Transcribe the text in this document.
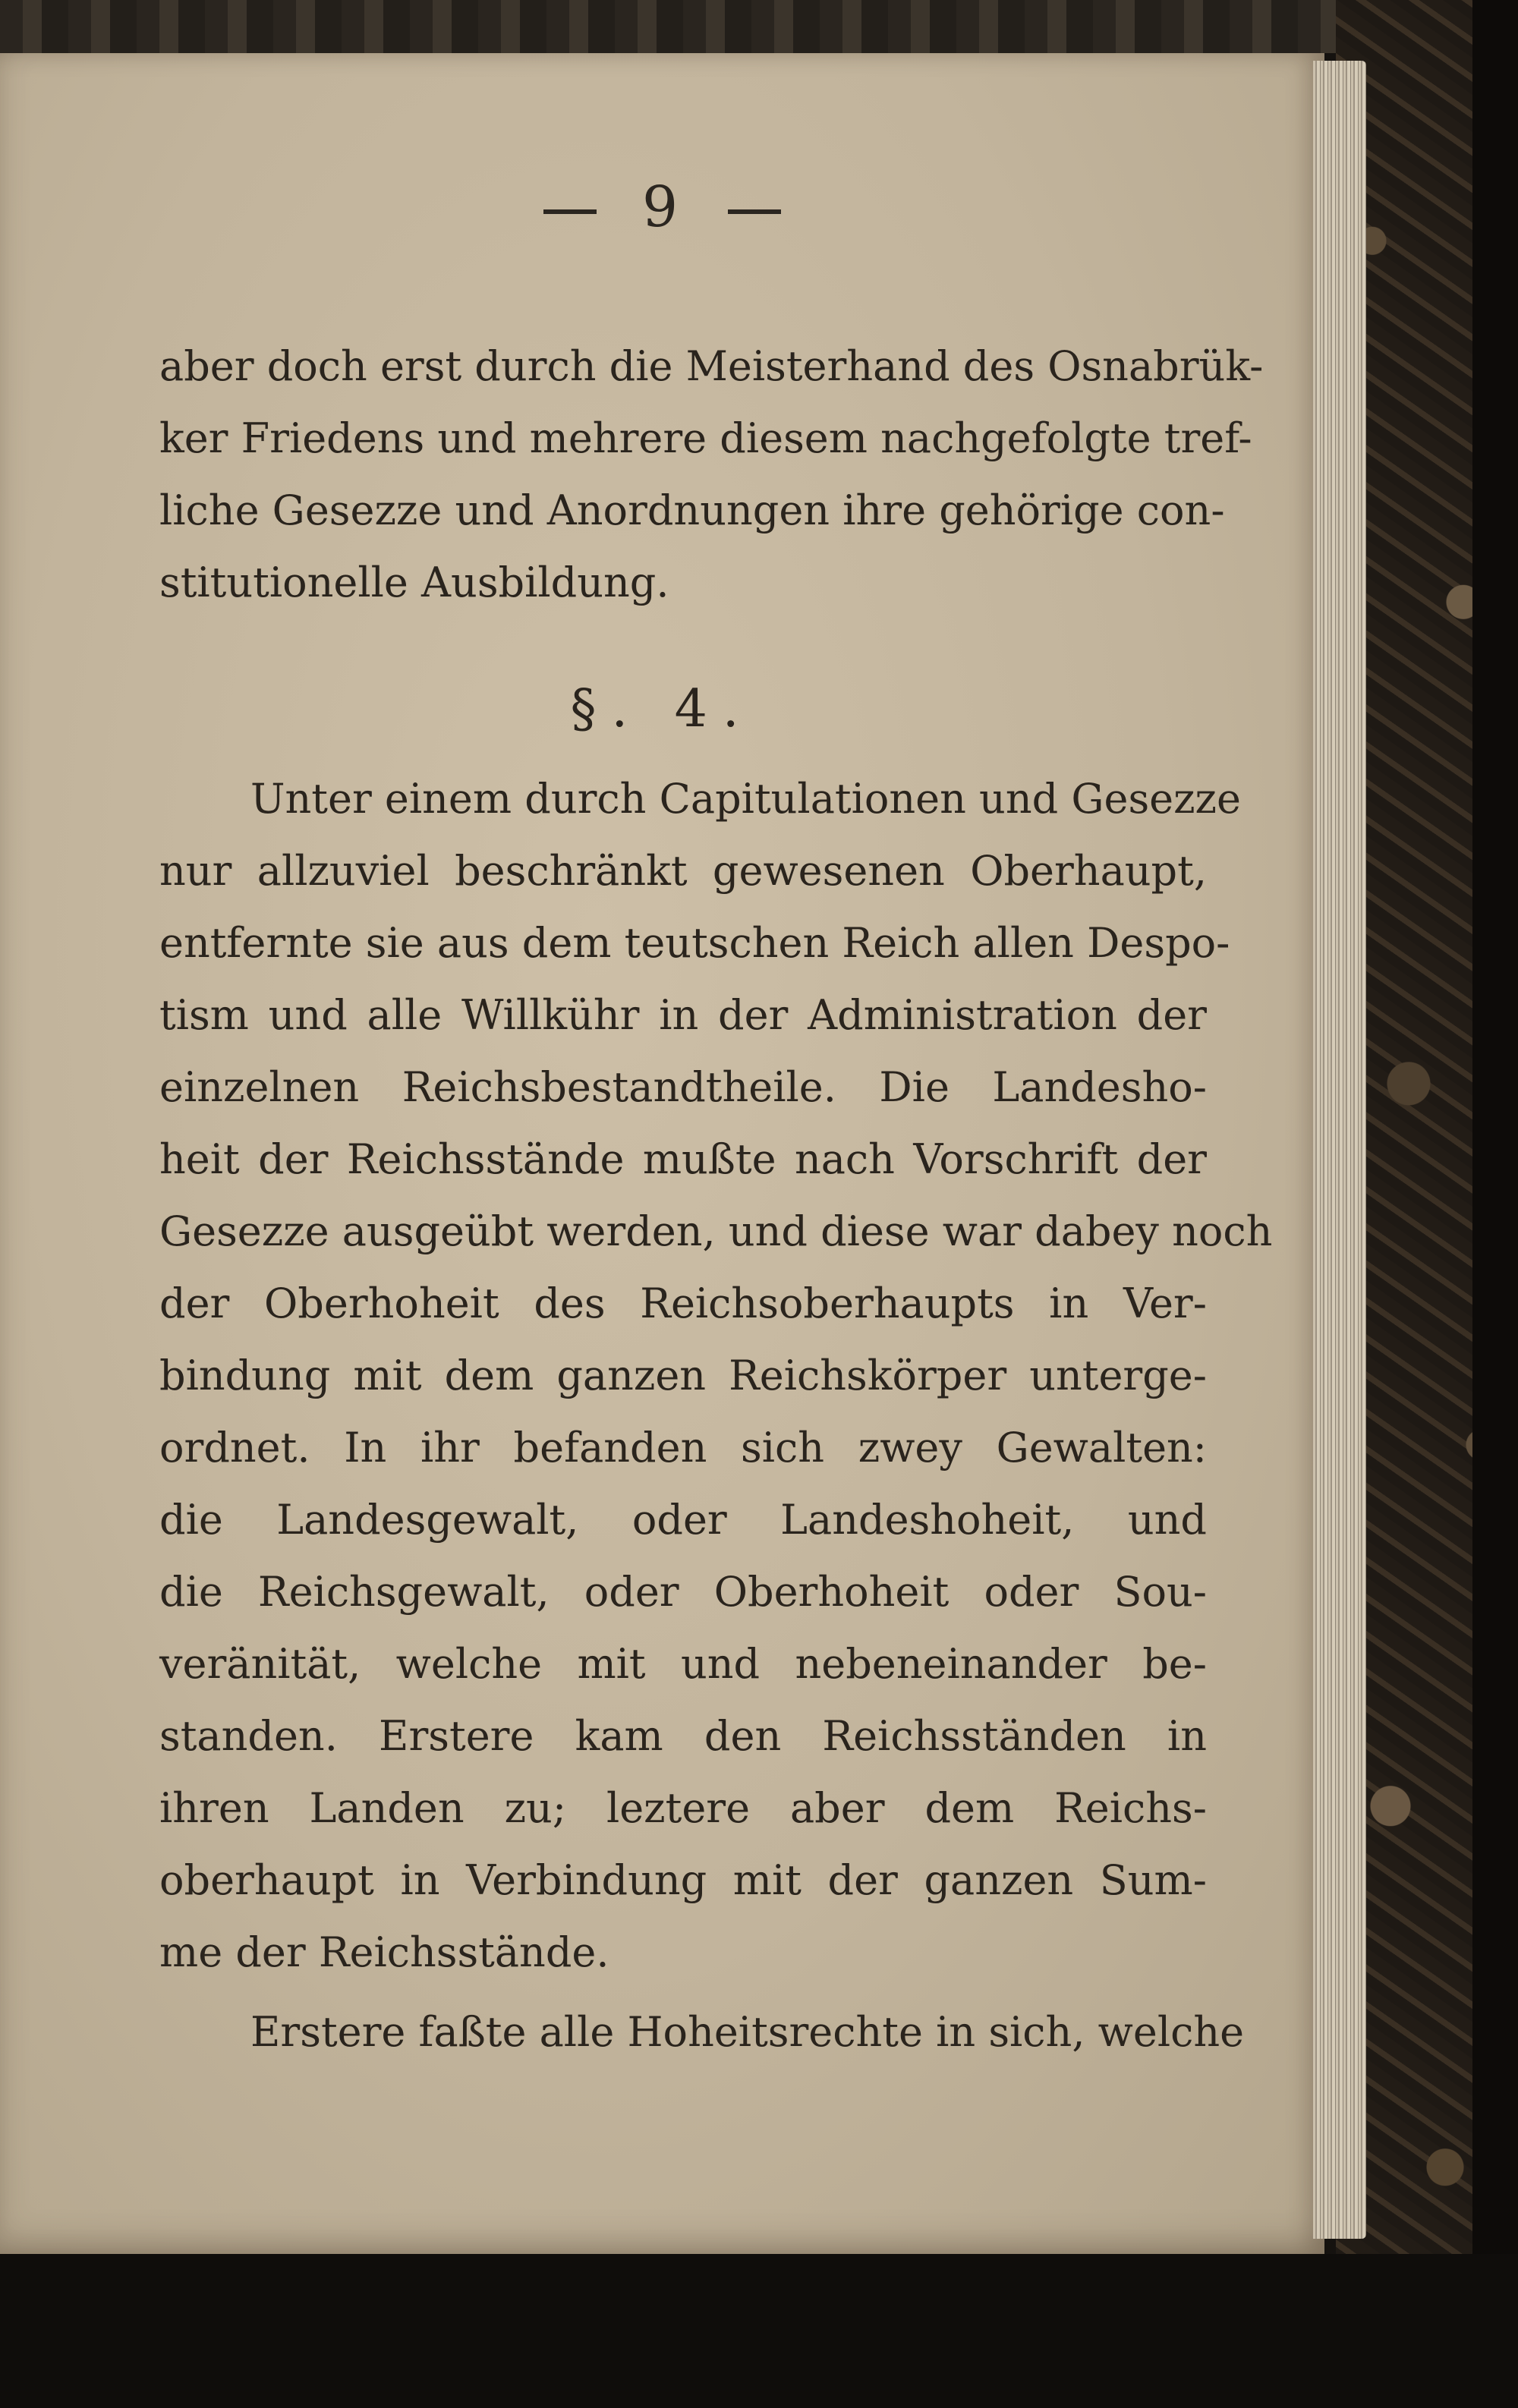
9
aber doch erst durch die Meisterhand des Osnabrük-
ker Friedens und mehrere diesem nachgefolgte tref-
liche Gesezze und Anordnungen ihre gehörige con-
stitutionelle Ausbildung.
§. 4.
Unter einem durch Capitulationen und Gesezze
nur allzuviel beschränkt gewesenen Oberhaupt,
entfernte sie aus dem teutschen Reich allen Despo-
tism und alle Willkühr in der Administration der
einzelnen Reichsbestandtheile. Die Landesho-
heit der Reichsstände mußte nach Vorschrift der
Gesezze ausgeübt werden, und diese war dabey noch
der Oberhoheit des Reichsoberhaupts in Ver-
bindung mit dem ganzen Reichskörper unterge-
ordnet. In ihr befanden sich zwey Gewalten:
die Landesgewalt, oder Landeshoheit, und
die Reichsgewalt, oder Oberhoheit oder Sou-
veränität, welche mit und nebeneinander be-
standen. Erstere kam den Reichsständen in
ihren Landen zu; leztere aber dem Reichs-
oberhaupt in Verbindung mit der ganzen Sum-
me der Reichsstände.
Erstere faßte alle Hoheitsrechte in sich, welche
